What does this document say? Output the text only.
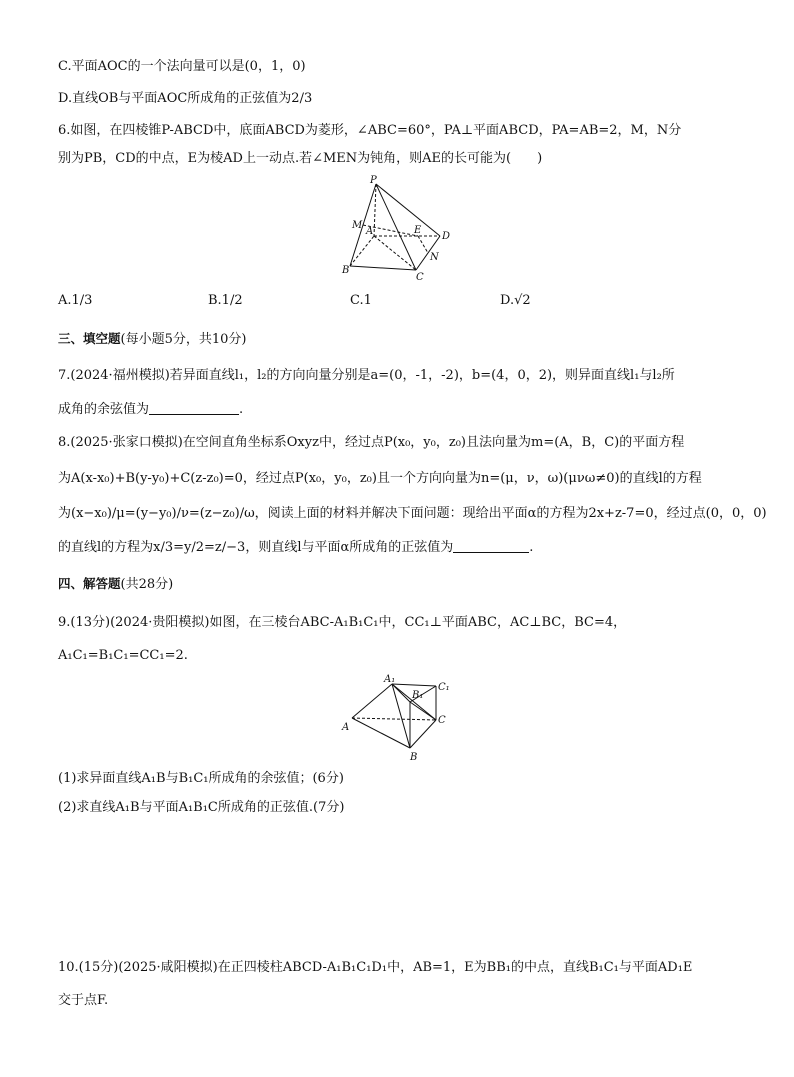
C.平面AOC的一个法向量可以是(0，1，0)
D.直线OB与平面AOC所成角的正弦值为2/3
6.如图，在四棱锥P-ABCD中，底面ABCD为菱形，∠ABC=60°，PA⊥平面ABCD，PA=AB=2，M，N分
别为PB，CD的中点，E为棱AD上一动点.若∠MEN为钝角，则AE的长可能为(　　)
P
M
A	E
D
N
B
C
A.1/3	B.1/2	C.1	D.√2
三、填空题(每小题5分，共10分)
7.(2024·福州模拟)若异面直线l₁，l₂的方向向量分别是a=(0，-1，-2)，b=(4，0，2)，则异面直线l₁与l₂所
成角的余弦值为	.
8.(2025·张家口模拟)在空间直角坐标系Oxyz中，经过点P(x₀，y₀，z₀)且法向量为m=(A，B，C)的平面方程
为A(x-x₀)+B(y-y₀)+C(z-z₀)=0，经过点P(x₀，y₀，z₀)且一个方向向量为n=(μ，ν，ω)(μνω≠0)的直线l的方程
为(x−x₀)/μ=(y−y₀)/ν=(z−z₀)/ω，阅读上面的材料并解决下面问题：现给出平面α的方程为2x+z-7=0，经过点(0，0，0)
的直线l的方程为x/3=y/2=z/−3，则直线l与平面α所成角的正弦值为	.
四、解答题(共28分)
9.(13分)(2024·贵阳模拟)如图，在三棱台ABC-A₁B₁C₁中，CC₁⊥平面ABC，AC⊥BC，BC=4，
A₁C₁=B₁C₁=CC₁=2.
A₁
B₁
C₁
A
C
B
(1)求异面直线A₁B与B₁C₁所成角的余弦值；(6分)
(2)求直线A₁B与平面A₁B₁C所成角的正弦值.(7分)
10.(15分)(2025·咸阳模拟)在正四棱柱ABCD-A₁B₁C₁D₁中，AB=1，E为BB₁的中点，直线B₁C₁与平面AD₁E
交于点F.
